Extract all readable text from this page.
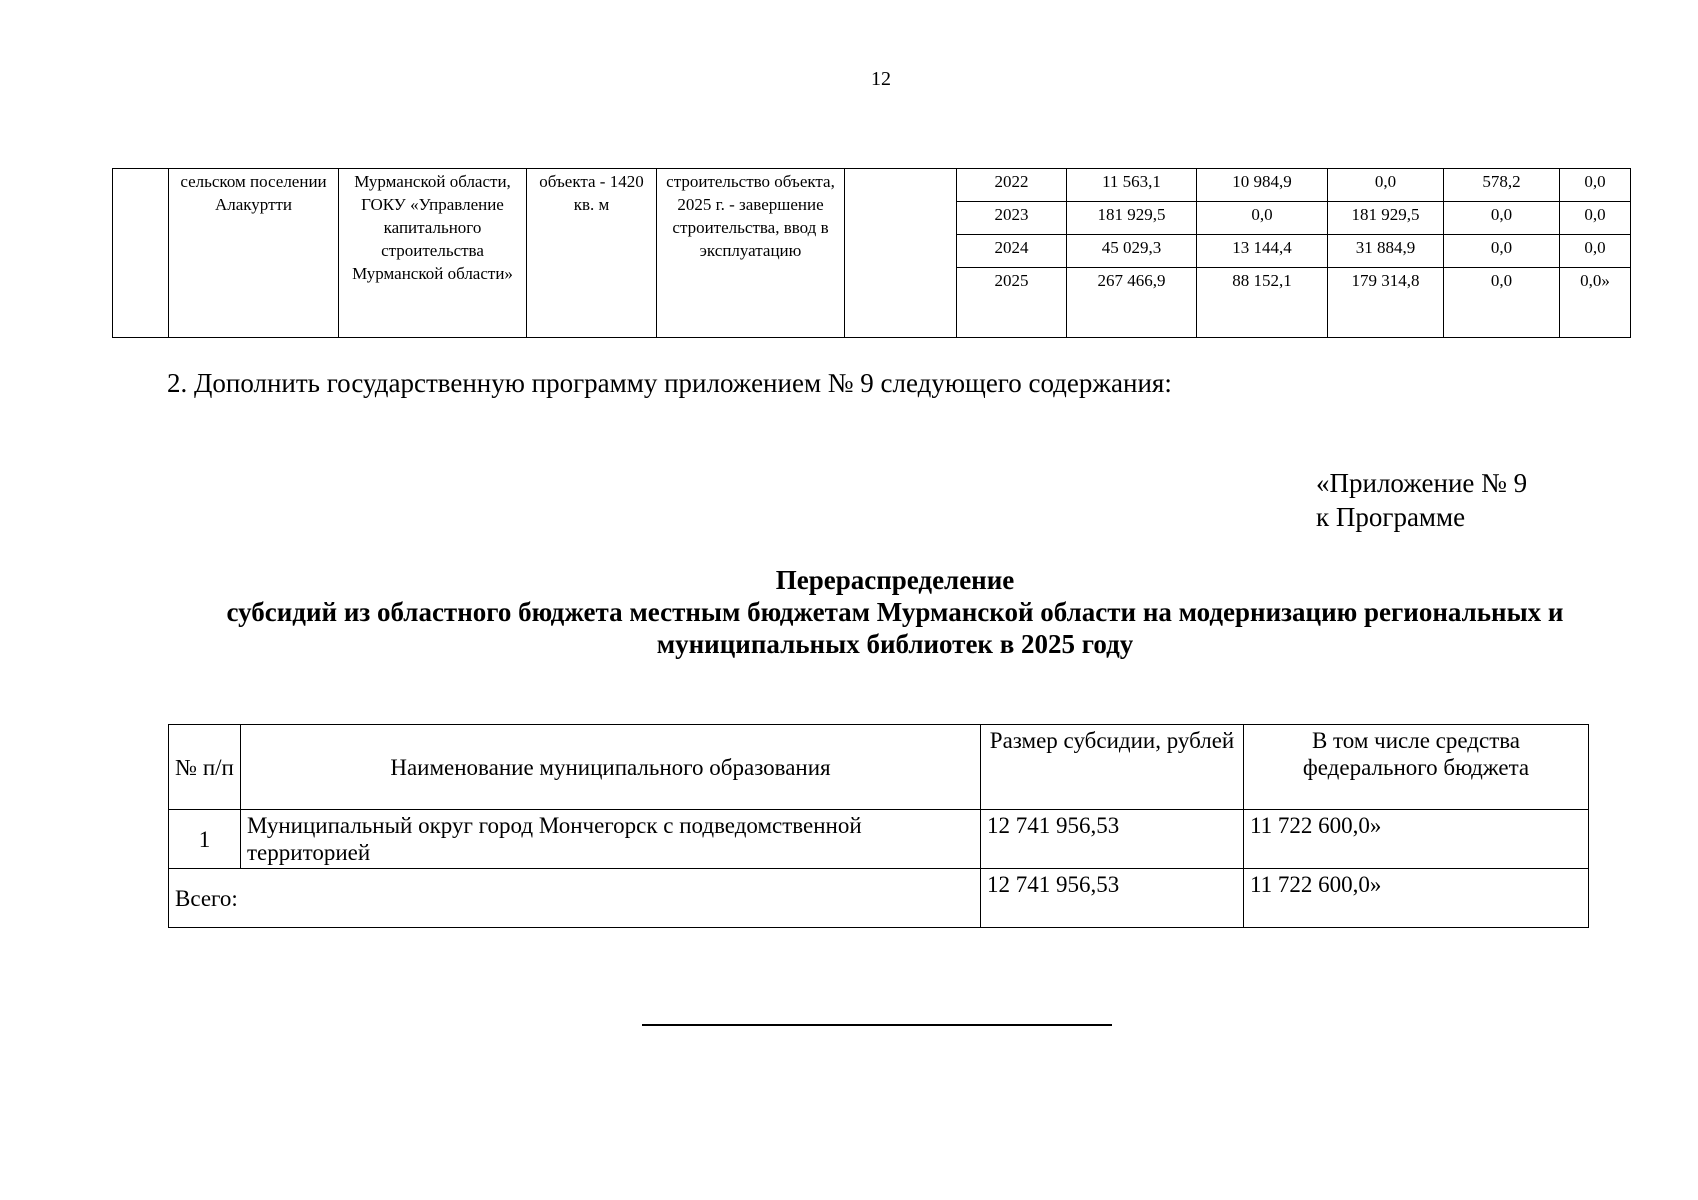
12
	сельском поселении Алакуртти	Мурманской области, ГОКУ «Управление капитального строительства Мурманской области»	объекта - 1420 кв. м	строительство объекта, 2025 г. - завершение строительства, ввод в эксплуатацию		2022	11 563,1	10 984,9	0,0	578,2	0,0
						2023	181 929,5	0,0	181 929,5	0,0	0,0
						2024	45 029,3	13 144,4	31 884,9	0,0	0,0
						2025	267 466,9	88 152,1	179 314,8	0,0	0,0»
2. Дополнить государственную программу приложением № 9 следующего содержания:
«Приложение № 9
к Программе
Перераспределение
субсидий из областного бюджета местным бюджетам Мурманской области на модернизацию региональных и
муниципальных библиотек в 2025 году
№ п/п	Наименование муниципального образования	Размер субсидии, рублей	В том числе средства федерального бюджета
1	Муниципальный округ город Мончегорск с подведомственной территорией	12 741 956,53	11 722 600,0»
Всего:		12 741 956,53	11 722 600,0»
